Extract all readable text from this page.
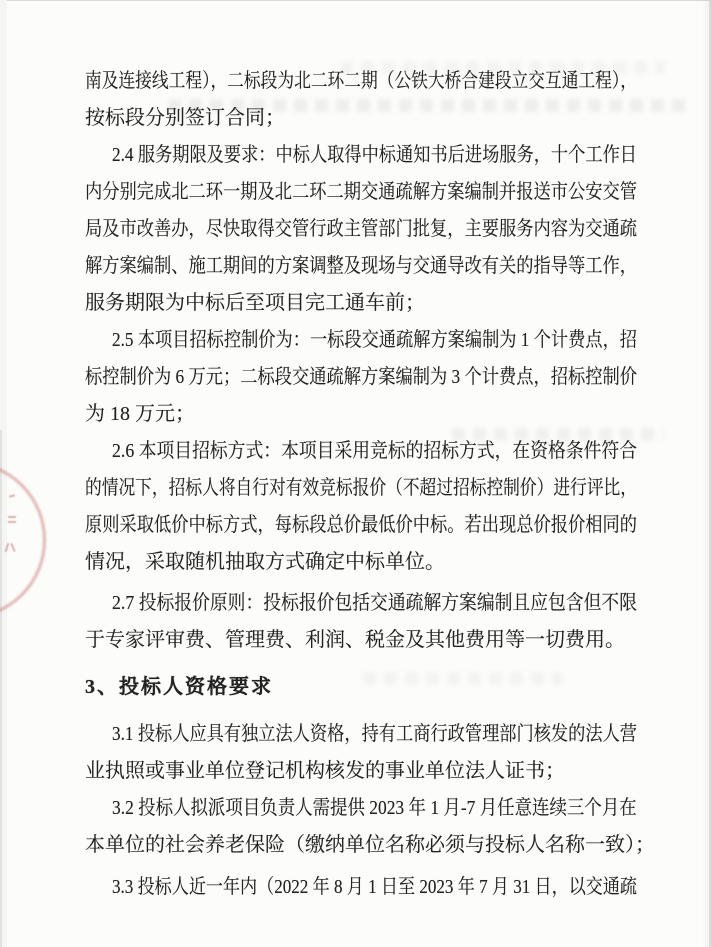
南及连接线工程），二标段为北二环二期（公铁大桥合建段立交互通工程），
按标段分别签订合同；
2.4 服务期限及要求：中标人取得中标通知书后进场服务，十个工作日
内分别完成北二环一期及北二环二期交通疏解方案编制并报送市公安交管
局及市改善办，尽快取得交管行政主管部门批复，主要服务内容为交通疏
解方案编制、施工期间的方案调整及现场与交通导改有关的指导等工作，
服务期限为中标后至项目完工通车前；
2.5 本项目招标控制价为：一标段交通疏解方案编制为 1 个计费点，招
标控制价为 6 万元；二标段交通疏解方案编制为 3 个计费点，招标控制价
为 18 万元；
2.6 本项目招标方式：本项目采用竞标的招标方式，在资格条件符合
的情况下，招标人将自行对有效竞标报价（不超过招标控制价）进行评比，
原则采取低价中标方式，每标段总价最低价中标。若出现总价报价相同的
情况，采取随机抽取方式确定中标单位。
2.7 投标报价原则：投标报价包括交通疏解方案编制且应包含但不限
于专家评审费、管理费、利润、税金及其他费用等一切费用。
3、投标人资格要求
3.1 投标人应具有独立法人资格，持有工商行政管理部门核发的法人营
业执照或事业单位登记机构核发的事业单位法人证书；
3.2 投标人拟派项目负责人需提供 2023 年 1 月-7 月任意连续三个月在
本单位的社会养老保险（缴纳单位名称必须与投标人名称一致）；
3.3 投标人近一年内（2022 年 8 月 1 日至 2023 年 7 月 31 日，以交通疏
